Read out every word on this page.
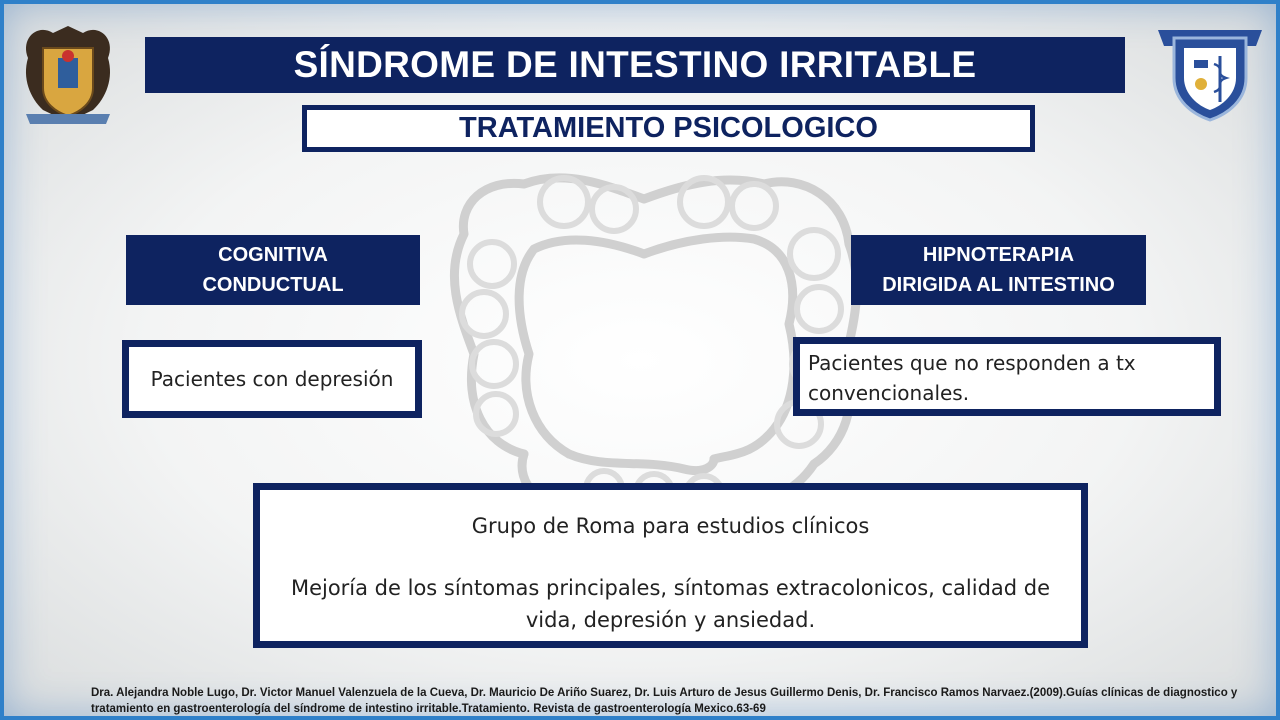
SÍNDROME DE INTESTINO IRRITABLE
TRATAMIENTO PSICOLOGICO
COGNITIVA
CONDUCTUAL
HIPNOTERAPIA
DIRIGIDA AL INTESTINO
Pacientes con depresión
Pacientes que no responden a tx convencionales.
Grupo de Roma para estudios clínicos
Mejoría de los síntomas principales, síntomas extracolonicos, calidad de vida, depresión y ansiedad.
Dra. Alejandra Noble Lugo, Dr. Victor Manuel Valenzuela de la Cueva, Dr. Mauricio De Ariño Suarez, Dr. Luis Arturo de Jesus Guillermo Denis, Dr. Francisco Ramos Narvaez.(2009).Guías clínicas de diagnostico y tratamiento en gastroenterología del síndrome de intestino irritable.Tratamiento. Revista de gastroenterología Mexico.63-69
